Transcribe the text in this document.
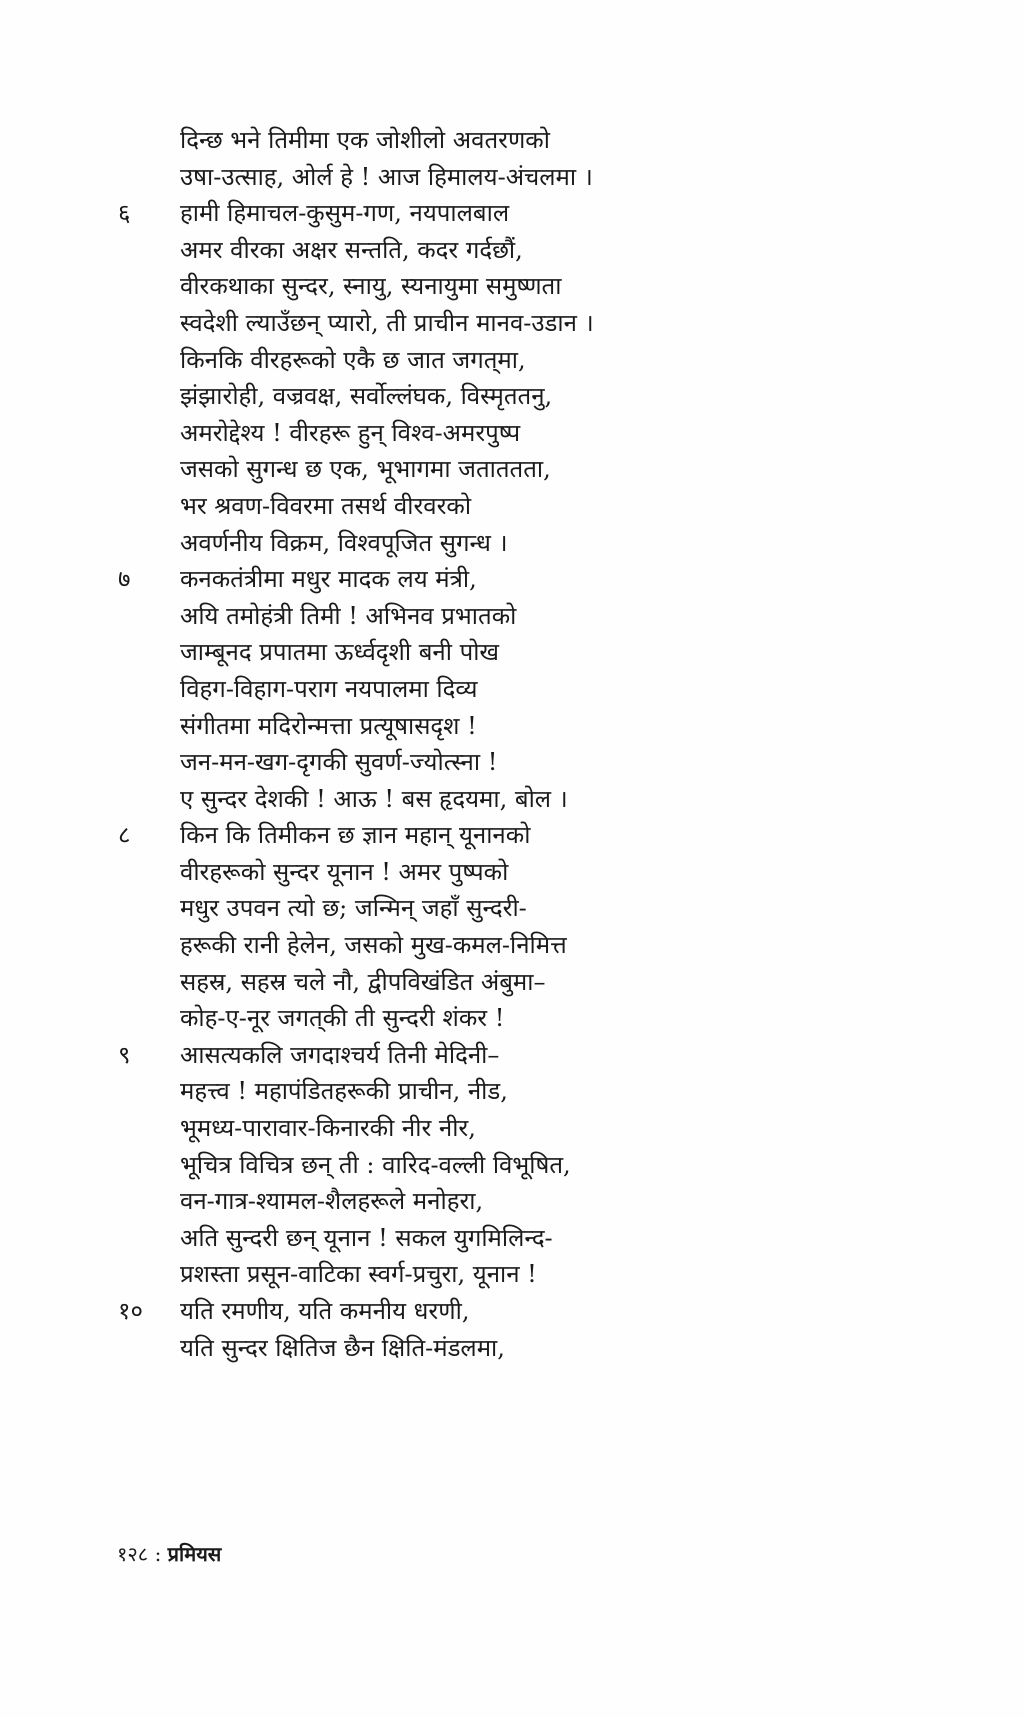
दिन्छ भने तिमीमा एक जोशीलो अवतरणको
उषा-उत्साह, ओर्ल हे ! आज हिमालय-अंचलमा ।
६	हामी हिमाचल-कुसुम-गण, नयपालबाल
अमर वीरका अक्षर सन्तति, कदर गर्दछौं,
वीरकथाका सुन्दर, स्नायु, स्यनायुमा समुष्णता
स्वदेशी ल्याउँछन् प्यारो, ती प्राचीन मानव-उडान ।
किनकि वीरहरूको एकै छ जात जगत्‌मा,
झंझारोही, वज्रवक्ष, सर्वोल्लंघक, विस्मृततनु,
अमरोद्देश्य ! वीरहरू हुन् विश्व-अमरपुष्प
जसको सुगन्ध छ एक, भूभागमा जताततता,
भर श्रवण-विवरमा तसर्थ वीरवरको
अवर्णनीय विक्रम, विश्वपूजित सुगन्ध ।
७	कनकतंत्रीमा मधुर मादक लय मंत्री,
अयि तमोहंत्री तिमी ! अभिनव प्रभातको
जाम्बूनद प्रपातमा ऊर्ध्वदृशी बनी पोख
विहग-विहाग-पराग नयपालमा दिव्य
संगीतमा मदिरोन्मत्ता प्रत्यूषासदृश !
जन-मन-खग-दृगकी सुवर्ण-ज्योत्स्ना !
ए सुन्दर देशकी ! आऊ ! बस हृदयमा, बोल ।
८	किन कि तिमीकन छ ज्ञान महान् यूनानको
वीरहरूको सुन्दर यूनान ! अमर पुष्पको
मधुर उपवन त्यो छ; जन्मिन् जहाँ सुन्दरी-
हरूकी रानी हेलेन, जसको मुख-कमल-निमित्त
सहस्र, सहस्र चले नौ, द्वीपविखंडित अंबुमा–
कोह-ए-नूर जगत्‌की ती सुन्दरी शंकर !
९	आसत्यकलि जगदाश्चर्य तिनी मेदिनी–
महत्त्व ! महापंडितहरूकी प्राचीन, नीड,
भूमध्य-पारावार-किनारकी नीर नीर,
भूचित्र विचित्र छन् ती : वारिद-वल्ली विभूषित,
वन-गात्र-श्यामल-शैलहरूले मनोहरा,
अति सुन्दरी छन् यूनान ! सकल युगमिलिन्द-
प्रशस्ता प्रसून-वाटिका स्वर्ग-प्रचुरा, यूनान !
१०	यति रमणीय, यति कमनीय धरणी,
यति सुन्दर क्षितिज छैन क्षिति-मंडलमा,
१२८ : प्रमियस
